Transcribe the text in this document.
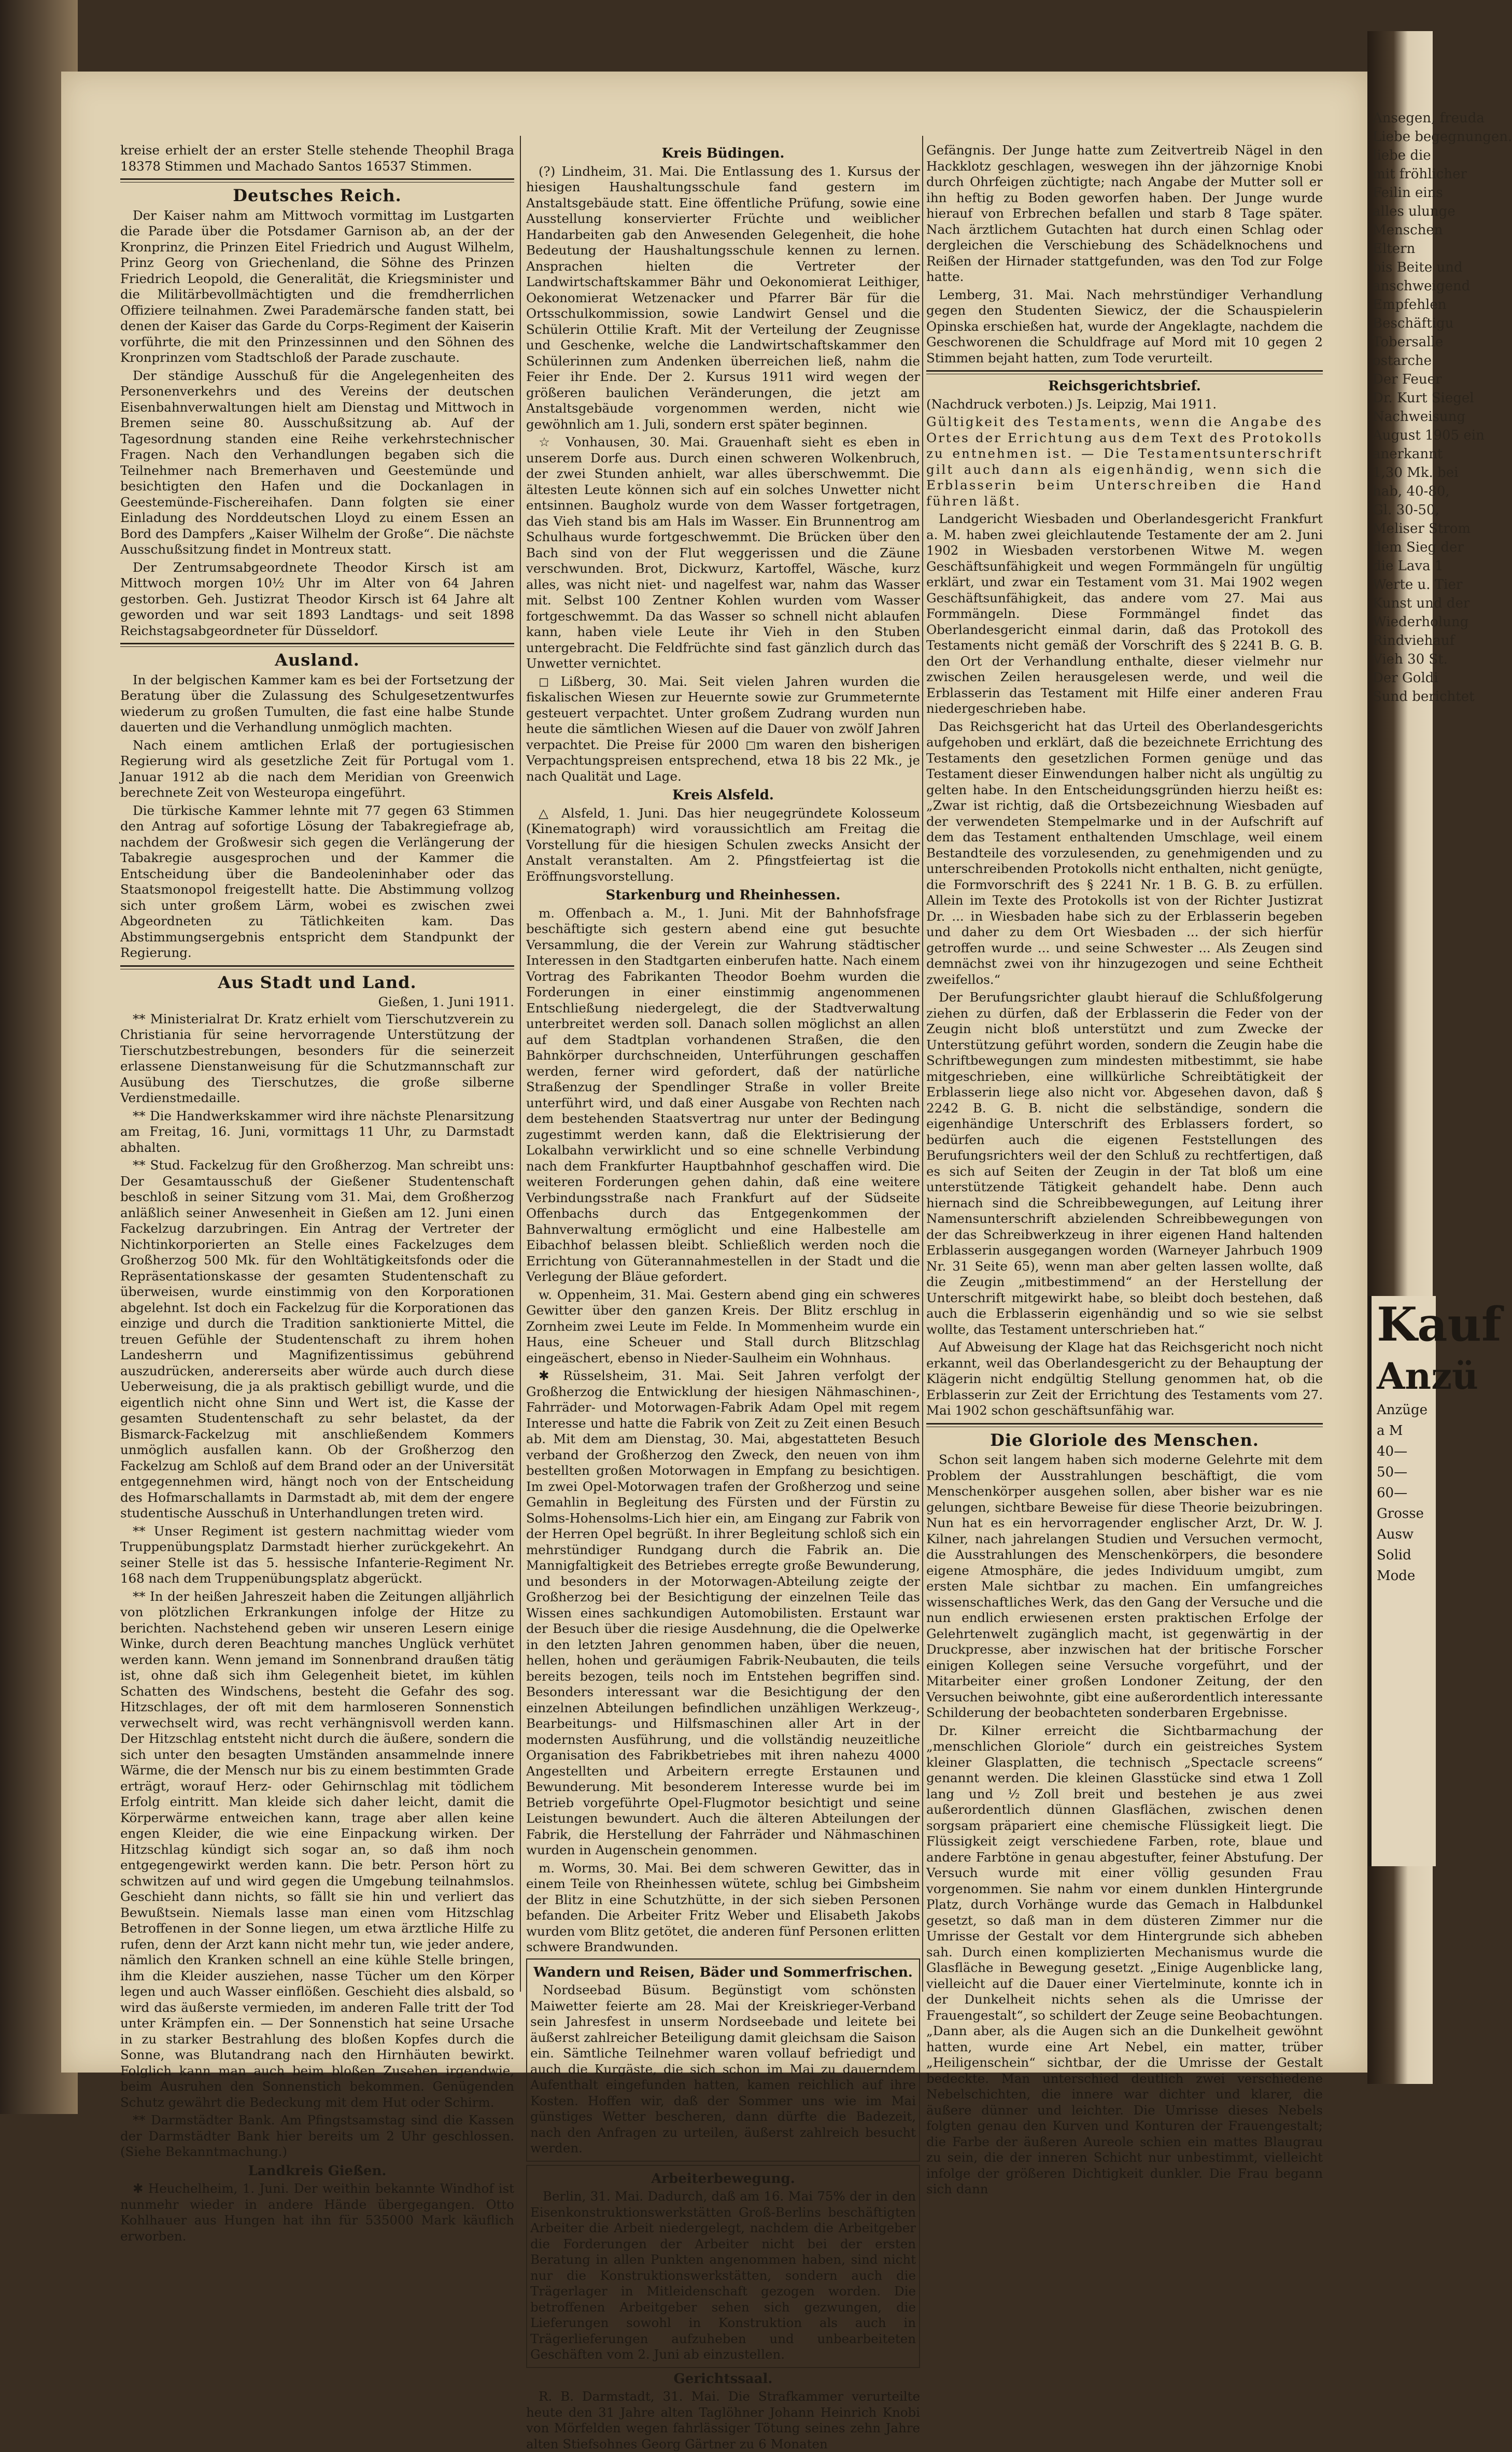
kreise erhielt der an erster Stelle stehende Theophil Braga 18378 Stimmen und Machado Santos 16537 Stimmen.

Deutsches Reich.

Der Kaiser nahm am Mittwoch vormittag im Lustgarten die Parade über die Potsdamer Garnison ab, an der der Kronprinz, die Prinzen Eitel Friedrich und August Wilhelm, Prinz Georg von Griechenland, die Söhne des Prinzen Friedrich Leopold, die Generalität, die Kriegsminister und die Militärbevollmächtigten und die fremdherrlichen Offiziere teilnahmen. Zwei Parademärsche fanden statt, bei denen der Kaiser das Garde du Corps-Regiment der Kaiserin vorführte, die mit den Prinzessinnen und den Söhnen des Kronprinzen vom Stadtschloß der Parade zuschaute.

Der ständige Ausschuß für die Angelegenheiten des Personenverkehrs und des Vereins der deutschen Eisenbahnverwaltungen hielt am Dienstag und Mittwoch in Bremen seine 80. Ausschußsitzung ab. Auf der Tagesordnung standen eine Reihe verkehrstechnischer Fragen. Nach den Verhandlungen begaben sich die Teilnehmer nach Bremerhaven und Geestemünde und besichtigten den Hafen und die Dockanlagen in Geestemünde-Fischereihafen. Dann folgten sie einer Einladung des Norddeutschen Lloyd zu einem Essen an Bord des Dampfers „Kaiser Wilhelm der Große“. Die nächste Ausschußsitzung findet in Montreux statt.

Der Zentrumsabgeordnete Theodor Kirsch ist am Mittwoch morgen 10½ Uhr im Alter von 64 Jahren gestorben. Geh. Justizrat Theodor Kirsch ist 64 Jahre alt geworden und war seit 1893 Landtags- und seit 1898 Reichstagsabgeordneter für Düsseldorf.

Ausland.

In der belgischen Kammer kam es bei der Fortsetzung der Beratung über die Zulassung des Schulgesetzentwurfes wiederum zu großen Tumulten, die fast eine halbe Stunde dauerten und die Verhandlung unmöglich machten.

Nach einem amtlichen Erlaß der portugiesischen Regierung wird als gesetzliche Zeit für Portugal vom 1. Januar 1912 ab die nach dem Meridian von Greenwich berechnete Zeit von Westeuropa eingeführt.

Die türkische Kammer lehnte mit 77 gegen 63 Stimmen den Antrag auf sofortige Lösung der Tabakregiefrage ab, nachdem der Großwesir sich gegen die Verlängerung der Tabakregie ausgesprochen und der Kammer die Entscheidung über die Bandeoleninhaber oder das Staatsmonopol freigestellt hatte. Die Abstimmung vollzog sich unter großem Lärm, wobei es zwischen zwei Abgeordneten zu Tätlichkeiten kam. Das Abstimmungsergebnis entspricht dem Standpunkt der Regierung.

Aus Stadt und Land.
Gießen, 1. Juni 1911.

** Ministerialrat Dr. Kratz erhielt vom Tierschutzverein zu Christiania für seine hervorragende Unterstützung der Tierschutzbestrebungen, besonders für die seinerzeit erlassene Dienstanweisung für die Schutzmannschaft zur Ausübung des Tierschutzes, die große silberne Verdienstmedaille.

** Die Handwerkskammer wird ihre nächste Plenarsitzung am Freitag, 16. Juni, vormittags 11 Uhr, zu Darmstadt abhalten.

** Stud. Fackelzug für den Großherzog. Man schreibt uns: Der Gesamtausschuß der Gießener Studentenschaft beschloß in seiner Sitzung vom 31. Mai, dem Großherzog anläßlich seiner Anwesenheit in Gießen am 12. Juni einen Fackelzug darzubringen. Ein Antrag der Vertreter der Nichtinkorporierten an Stelle eines Fackelzuges dem Großherzog 500 Mk. für den Wohltätigkeitsfonds oder die Repräsentationskasse der gesamten Studentenschaft zu überweisen, wurde einstimmig von den Korporationen abgelehnt. Ist doch ein Fackelzug für die Korporationen das einzige und durch die Tradition sanktionierte Mittel, die treuen Gefühle der Studentenschaft zu ihrem hohen Landesherrn und Magnifizentissimus gebührend auszudrücken, andererseits aber würde auch durch diese Ueberweisung, die ja als praktisch gebilligt wurde, und die eigentlich nicht ohne Sinn und Wert ist, die Kasse der gesamten Studentenschaft zu sehr belastet, da der Bismarck-Fackelzug mit anschließendem Kommers unmöglich ausfallen kann. Ob der Großherzog den Fackelzug am Schloß auf dem Brand oder an der Universität entgegennehmen wird, hängt noch von der Entscheidung des Hofmarschallamts in Darmstadt ab, mit dem der engere studentische Ausschuß in Unterhandlungen treten wird.

** Unser Regiment ist gestern nachmittag wieder vom Truppenübungsplatz Darmstadt hierher zurückgekehrt. An seiner Stelle ist das 5. hessische Infanterie-Regiment Nr. 168 nach dem Truppenübungsplatz abgerückt.

** In der heißen Jahreszeit haben die Zeitungen alljährlich von plötzlichen Erkrankungen infolge der Hitze zu berichten. Nachstehend geben wir unseren Lesern einige Winke, durch deren Beachtung manches Unglück verhütet werden kann. Wenn jemand im Sonnenbrand draußen tätig ist, ohne daß sich ihm Gelegenheit bietet, im kühlen Schatten des Windschens, besteht die Gefahr des sog. Hitzschlages, der oft mit dem harmloseren Sonnenstich verwechselt wird, was recht verhängnisvoll werden kann. Der Hitzschlag entsteht nicht durch die äußere, sondern die sich unter den besagten Umständen ansammelnde innere Wärme, die der Mensch nur bis zu einem bestimmten Grade erträgt, worauf Herz- oder Gehirnschlag mit tödlichem Erfolg eintritt. Man kleide sich daher leicht, damit die Körperwärme entweichen kann, trage aber allen keine engen Kleider, die wie eine Einpackung wirken. Der Hitzschlag kündigt sich sogar an, so daß ihm noch entgegengewirkt werden kann. Die betr. Person hört zu schwitzen auf und wird gegen die Umgebung teilnahmslos. Geschieht dann nichts, so fällt sie hin und verliert das Bewußtsein. Niemals lasse man einen vom Hitzschlag Betroffenen in der Sonne liegen, um etwa ärztliche Hilfe zu rufen, denn der Arzt kann nicht mehr tun, wie jeder andere, nämlich den Kranken schnell an eine kühle Stelle bringen, ihm die Kleider ausziehen, nasse Tücher um den Körper legen und auch Wasser einflößen. Geschieht dies alsbald, so wird das äußerste vermieden, im anderen Falle tritt der Tod unter Krämpfen ein. — Der Sonnenstich hat seine Ursache in zu starker Bestrahlung des bloßen Kopfes durch die Sonne, was Blutandrang nach den Hirnhäuten bewirkt. Folglich kann man auch beim bloßen Zusehen irgendwie, beim Ausruhen den Sonnenstich bekommen. Genügenden Schutz gewährt die Bedeckung mit dem Hut oder Schirm.

** Darmstädter Bank. Am Pfingstsamstag sind die Kassen der Darmstädter Bank hier bereits um 2 Uhr geschlossen. (Siehe Bekanntmachung.)

Landkreis Gießen.

✱ Heuchelheim, 1. Juni. Der weithin bekannte Windhof ist nunmehr wieder in andere Hände übergegangen. Otto Kohlhauer aus Hungen hat ihn für 535000 Mark käuflich erworben.

Kreis Büdingen.

(?) Lindheim, 31. Mai. Die Entlassung des 1. Kursus der hiesigen Haushaltungsschule fand gestern im Anstaltsgebäude statt. Eine öffentliche Prüfung, sowie eine Ausstellung konservierter Früchte und weiblicher Handarbeiten gab den Anwesenden Gelegenheit, die hohe Bedeutung der Haushaltungsschule kennen zu lernen. Ansprachen hielten die Vertreter der Landwirtschaftskammer Bähr und Oekonomierat Leithiger, Oekonomierat Wetzenacker und Pfarrer Bär für die Ortsschulkommission, sowie Landwirt Gensel und die Schülerin Ottilie Kraft. Mit der Verteilung der Zeugnisse und Geschenke, welche die Landwirtschaftskammer den Schülerinnen zum Andenken überreichen ließ, nahm die Feier ihr Ende. Der 2. Kursus 1911 wird wegen der größeren baulichen Veränderungen, die jetzt am Anstaltsgebäude vorgenommen werden, nicht wie gewöhnlich am 1. Juli, sondern erst später beginnen.

☆ Vonhausen, 30. Mai. Grauenhaft sieht es eben in unserem Dorfe aus. Durch einen schweren Wolkenbruch, der zwei Stunden anhielt, war alles überschwemmt. Die ältesten Leute können sich auf ein solches Unwetter nicht entsinnen. Baugholz wurde von dem Wasser fortgetragen, das Vieh stand bis am Hals im Wasser. Ein Brunnentrog am Schulhaus wurde fortgeschwemmt. Die Brücken über den Bach sind von der Flut weggerissen und die Zäune verschwunden. Brot, Dickwurz, Kartoffel, Wäsche, kurz alles, was nicht niet- und nagelfest war, nahm das Wasser mit. Selbst 100 Zentner Kohlen wurden vom Wasser fortgeschwemmt. Da das Wasser so schnell nicht ablaufen kann, haben viele Leute ihr Vieh in den Stuben untergebracht. Die Feldfrüchte sind fast gänzlich durch das Unwetter vernichtet.

◻ Lißberg, 30. Mai. Seit vielen Jahren wurden die fiskalischen Wiesen zur Heuernte sowie zur Grummeternte gesteuert verpachtet. Unter großem Zudrang wurden nun heute die sämtlichen Wiesen auf die Dauer von zwölf Jahren verpachtet. Die Preise für 2000 ◻m waren den bisherigen Verpachtungspreisen entsprechend, etwa 18 bis 22 Mk., je nach Qualität und Lage.

Kreis Alsfeld.

△ Alsfeld, 1. Juni. Das hier neugegründete Kolosseum (Kinematograph) wird voraussichtlich am Freitag die Vorstellung für die hiesigen Schulen zwecks Ansicht der Anstalt veranstalten. Am 2. Pfingstfeiertag ist die Eröffnungsvorstellung.

Starkenburg und Rheinhessen.

m. Offenbach a. M., 1. Juni. Mit der Bahnhofsfrage beschäftigte sich gestern abend eine gut besuchte Versammlung, die der Verein zur Wahrung städtischer Interessen in den Stadtgarten einberufen hatte. Nach einem Vortrag des Fabrikanten Theodor Boehm wurden die Forderungen in einer einstimmig angenommenen Entschließung niedergelegt, die der Stadtverwaltung unterbreitet werden soll. Danach sollen möglichst an allen auf dem Stadtplan vorhandenen Straßen, die den Bahnkörper durchschneiden, Unterführungen geschaffen werden, ferner wird gefordert, daß der natürliche Straßenzug der Spendlinger Straße in voller Breite unterführt wird, und daß einer Ausgabe von Rechten nach dem bestehenden Staatsvertrag nur unter der Bedingung zugestimmt werden kann, daß die Elektrisierung der Lokalbahn verwirklicht und so eine schnelle Verbindung nach dem Frankfurter Hauptbahnhof geschaffen wird. Die weiteren Forderungen gehen dahin, daß eine weitere Verbindungsstraße nach Frankfurt auf der Südseite Offenbachs durch das Entgegenkommen der Bahnverwaltung ermöglicht und eine Halbestelle am Eibachhof belassen bleibt. Schließlich werden noch die Errichtung von Güterannahmestellen in der Stadt und die Verlegung der Bläue gefordert.

w. Oppenheim, 31. Mai. Gestern abend ging ein schweres Gewitter über den ganzen Kreis. Der Blitz erschlug in Zornheim zwei Leute im Felde. In Mommenheim wurde ein Haus, eine Scheuer und Stall durch Blitzschlag eingeäschert, ebenso in Nieder-Saulheim ein Wohnhaus.

✱ Rüsselsheim, 31. Mai. Seit Jahren verfolgt der Großherzog die Entwicklung der hiesigen Nähmaschinen-, Fahrräder- und Motorwagen-Fabrik Adam Opel mit regem Interesse und hatte die Fabrik von Zeit zu Zeit einen Besuch ab. Mit dem am Dienstag, 30. Mai, abgestatteten Besuch verband der Großherzog den Zweck, den neuen von ihm bestellten großen Motorwagen in Empfang zu besichtigen. Im zwei Opel-Motorwagen trafen der Großherzog und seine Gemahlin in Begleitung des Fürsten und der Fürstin zu Solms-Hohensolms-Lich hier ein, am Eingang zur Fabrik von der Herren Opel begrüßt. In ihrer Begleitung schloß sich ein mehrstündiger Rundgang durch die Fabrik an. Die Mannigfaltigkeit des Betriebes erregte große Bewunderung, und besonders in der Motorwagen-Abteilung zeigte der Großherzog bei der Besichtigung der einzelnen Teile das Wissen eines sachkundigen Automobilisten. Erstaunt war der Besuch über die riesige Ausdehnung, die die Opelwerke in den letzten Jahren genommen haben, über die neuen, hellen, hohen und geräumigen Fabrik-Neubauten, die teils bereits bezogen, teils noch im Entstehen begriffen sind. Besonders interessant war die Besichtigung der den einzelnen Abteilungen befindlichen unzähligen Werkzeug-, Bearbeitungs- und Hilfsmaschinen aller Art in der modernsten Ausführung, und die vollständig neuzeitliche Organisation des Fabrikbetriebes mit ihren nahezu 4000 Angestellten und Arbeitern erregte Erstaunen und Bewunderung. Mit besonderem Interesse wurde bei im Betrieb vorgeführte Opel-Flugmotor besichtigt und seine Leistungen bewundert. Auch die älteren Abteilungen der Fabrik, die Herstellung der Fahrräder und Nähmaschinen wurden in Augenschein genommen.

m. Worms, 30. Mai. Bei dem schweren Gewitter, das in einem Teile von Rheinhessen wütete, schlug bei Gimbsheim der Blitz in eine Schutzhütte, in der sich sieben Personen befanden. Die Arbeiter Fritz Weber und Elisabeth Jakobs wurden vom Blitz getötet, die anderen fünf Personen erlitten schwere Brandwunden.

Wandern und Reisen, Bäder und Sommerfrischen.

Nordseebad Büsum. Begünstigt vom schönsten Maiwetter feierte am 28. Mai der Kreiskrieger-Verband sein Jahresfest in unserm Nordseebade und leitete bei äußerst zahlreicher Beteiligung damit gleichsam die Saison ein. Sämtliche Teilnehmer waren vollauf befriedigt und auch die Kurgäste, die sich schon im Mai zu dauerndem Aufenthalt eingefunden hatten, kamen reichlich auf ihre Kosten. Hoffen wir, daß der Sommer uns wie im Mai günstiges Wetter bescheren, dann dürfte die Badezeit, nach den Anfragen zu urteilen, äußerst zahlreich besucht werden.

Arbeiterbewegung.

Berlin, 31. Mai. Dadurch, daß am 16. Mai 75% der in den Eisenkonstruktionswerkstätten Groß-Berlins beschäftigten Arbeiter die Arbeit niedergelegt, nachdem die Arbeitgeber die Forderungen der Arbeiter nicht bei der ersten Beratung in allen Punkten angenommen haben, sind nicht nur die Konstruktionswerkstätten, sondern auch die Trägerlager in Mitleidenschaft gezogen worden. Die betroffenen Arbeitgeber sehen sich gezwungen, die Lieferungen sowohl in Konstruktion als auch in Trägerlieferungen aufzuheben und unbearbeiteten Geschäften vom 2. Juni ab einzustellen.

Gerichtssaal.

R. B. Darmstadt, 31. Mai. Die Strafkammer verurteilte heute den 31 Jahre alten Taglöhner Johann Heinrich Knobi von Mörfelden wegen fahrlässiger Tötung seines zehn Jahre alten Stiefsohnes Georg Gärtner zu 6 Monaten

Gefängnis. Der Junge hatte zum Zeitvertreib Nägel in den Hackklotz geschlagen, weswegen ihn der jähzornige Knobi durch Ohrfeigen züchtigte; nach Angabe der Mutter soll er ihn heftig zu Boden geworfen haben. Der Junge wurde hierauf von Erbrechen befallen und starb 8 Tage später. Nach ärztlichem Gutachten hat durch einen Schlag oder dergleichen die Verschiebung des Schädelknochens und Reißen der Hirnader stattgefunden, was den Tod zur Folge hatte.

Lemberg, 31. Mai. Nach mehrstündiger Verhandlung gegen den Studenten Siewicz, der die Schauspielerin Opinska erschießen hat, wurde der Angeklagte, nachdem die Geschworenen die Schuldfrage auf Mord mit 10 gegen 2 Stimmen bejaht hatten, zum Tode verurteilt.

Reichsgerichtsbrief.

(Nachdruck verboten.) Js. Leipzig, Mai 1911.

Gültigkeit des Testaments, wenn die Angabe des Ortes der Errichtung aus dem Text des Protokolls zu entnehmen ist. — Die Testamentsunterschrift gilt auch dann als eigenhändig, wenn sich die Erblasserin beim Unterschreiben die Hand führen läßt.

Landgericht Wiesbaden und Oberlandesgericht Frankfurt a. M. haben zwei gleichlautende Testamente der am 2. Juni 1902 in Wiesbaden verstorbenen Witwe M. wegen Geschäftsunfähigkeit und wegen Formmängeln für ungültig erklärt, und zwar ein Testament vom 31. Mai 1902 wegen Geschäftsunfähigkeit, das andere vom 27. Mai aus Formmängeln. Diese Formmängel findet das Oberlandesgericht einmal darin, daß das Protokoll des Testaments nicht gemäß der Vorschrift des § 2241 B. G. B. den Ort der Verhandlung enthalte, dieser vielmehr nur zwischen Zeilen herausgelesen werde, und weil die Erblasserin das Testament mit Hilfe einer anderen Frau niedergeschrieben habe.

Das Reichsgericht hat das Urteil des Oberlandesgerichts aufgehoben und erklärt, daß die bezeichnete Errichtung des Testaments den gesetzlichen Formen genüge und das Testament dieser Einwendungen halber nicht als ungültig zu gelten habe. In den Entscheidungsgründen hierzu heißt es: „Zwar ist richtig, daß die Ortsbezeichnung Wiesbaden auf der verwendeten Stempelmarke und in der Aufschrift auf dem das Testament enthaltenden Umschlage, weil einem Bestandteile des vorzulesenden, zu genehmigenden und zu unterschreibenden Protokolls nicht enthalten, nicht genügte, die Formvorschrift des § 2241 Nr. 1 B. G. B. zu erfüllen. Allein im Texte des Protokolls ist von der Richter Justizrat Dr. ... in Wiesbaden habe sich zu der Erblasserin begeben und daher zu dem Ort Wiesbaden ... der sich hierfür getroffen wurde ... und seine Schwester ... Als Zeugen sind demnächst zwei von ihr hinzugezogen und seine Echtheit zweifellos.“

Der Berufungsrichter glaubt hierauf die Schlußfolgerung ziehen zu dürfen, daß der Erblasserin die Feder von der Zeugin nicht bloß unterstützt und zum Zwecke der Unterstützung geführt worden, sondern die Zeugin habe die Schriftbewegungen zum mindesten mitbestimmt, sie habe mitgeschrieben, eine willkürliche Schreibtätigkeit der Erblasserin liege also nicht vor. Abgesehen davon, daß § 2242 B. G. B. nicht die selbständige, sondern die eigenhändige Unterschrift des Erblassers fordert, so bedürfen auch die eigenen Feststellungen des Berufungsrichters weil der den Schluß zu rechtfertigen, daß es sich auf Seiten der Zeugin in der Tat bloß um eine unterstützende Tätigkeit gehandelt habe. Denn auch hiernach sind die Schreibbewegungen, auf Leitung ihrer Namensunterschrift abzielenden Schreibbewegungen von der das Schreibwerkzeug in ihrer eigenen Hand haltenden Erblasserin ausgegangen worden (Warneyer Jahrbuch 1909 Nr. 31 Seite 65), wenn man aber gelten lassen wollte, daß die Zeugin „mitbestimmend“ an der Herstellung der Unterschrift mitgewirkt habe, so bleibt doch bestehen, daß auch die Erblasserin eigenhändig und so wie sie selbst wollte, das Testament unterschrieben hat.“

Auf Abweisung der Klage hat das Reichsgericht noch nicht erkannt, weil das Oberlandesgericht zu der Behauptung der Klägerin nicht endgültig Stellung genommen hat, ob die Erblasserin zur Zeit der Errichtung des Testaments vom 27. Mai 1902 schon geschäftsunfähig war.

Die Gloriole des Menschen.

Schon seit langem haben sich moderne Gelehrte mit dem Problem der Ausstrahlungen beschäftigt, die vom Menschenkörper ausgehen sollen, aber bisher war es nie gelungen, sichtbare Beweise für diese Theorie beizubringen. Nun hat es ein hervorragender englischer Arzt, Dr. W. J. Kilner, nach jahrelangen Studien und Versuchen vermocht, die Ausstrahlungen des Menschenkörpers, die besondere eigene Atmosphäre, die jedes Individuum umgibt, zum ersten Male sichtbar zu machen. Ein umfangreiches wissenschaftliches Werk, das den Gang der Versuche und die nun endlich erwiesenen ersten praktischen Erfolge der Gelehrtenwelt zugänglich macht, ist gegenwärtig in der Druckpresse, aber inzwischen hat der britische Forscher einigen Kollegen seine Versuche vorgeführt, und der Mitarbeiter einer großen Londoner Zeitung, der den Versuchen beiwohnte, gibt eine außerordentlich interessante Schilderung der beobachteten sonderbaren Ergebnisse.

Dr. Kilner erreicht die Sichtbarmachung der „menschlichen Gloriole“ durch ein geistreiches System kleiner Glasplatten, die technisch „Spectacle screens“ genannt werden. Die kleinen Glasstücke sind etwa 1 Zoll lang und ½ Zoll breit und bestehen je aus zwei außerordentlich dünnen Glasflächen, zwischen denen sorgsam präpariert eine chemische Flüssigkeit liegt. Die Flüssigkeit zeigt verschiedene Farben, rote, blaue und andere Farbtöne in genau abgestufter, feiner Abstufung. Der Versuch wurde mit einer völlig gesunden Frau vorgenommen. Sie nahm vor einem dunklen Hintergrunde Platz, durch Vorhänge wurde das Gemach in Halbdunkel gesetzt, so daß man in dem düsteren Zimmer nur die Umrisse der Gestalt vor dem Hintergrunde sich abheben sah. Durch einen komplizierten Mechanismus wurde die Glasfläche in Bewegung gesetzt. „Einige Augenblicke lang, vielleicht auf die Dauer einer Viertelminute, konnte ich in der Dunkelheit nichts sehen als die Umrisse der Frauengestalt“, so schildert der Zeuge seine Beobachtungen. „Dann aber, als die Augen sich an die Dunkelheit gewöhnt hatten, wurde eine Art Nebel, ein matter, trüber „Heiligenschein“ sichtbar, der die Umrisse der Gestalt bedeckte. Man unterschied deutlich zwei verschiedene Nebelschichten, die innere war dichter und klarer, die äußere dünner und leichter. Die Umrisse dieses Nebels folgten genau den Kurven und Konturen der Frauengestalt; die Farbe der äußeren Aureole schien ein mattes Blaugrau zu sein, die der inneren Schicht nur unbestimmt, vielleicht infolge der größeren Dichtigkeit dunkler. Die Frau begann sich dann

Ansegen, freuda
Liebe begegnungen.
liebe die
mit fröhlicher
Feilin eins
alles ulunge
Menschen
Eltern
bis Beite und
anschweigend
Empfehlen
Beschäftigu
Tobersalle
ostarche
Der Feuer
Dr. Kurt Siegel
Nachweisung
August 1905 ein
anerkannt
1,30 Mk. bei
hab, 40-80,
Gl. 30-50,
Meliser Strom
dem Sieg der
die Lava 1
Werte u. Tier
Kunst und der
Wiederholung
Rindviehauf
Vieh 30 St.
Der Goldi
Sund berichtet
Kauf
Anzü
Anzüge a M
40—
50—
60—
Grosse Ausw
Solid
Mode
